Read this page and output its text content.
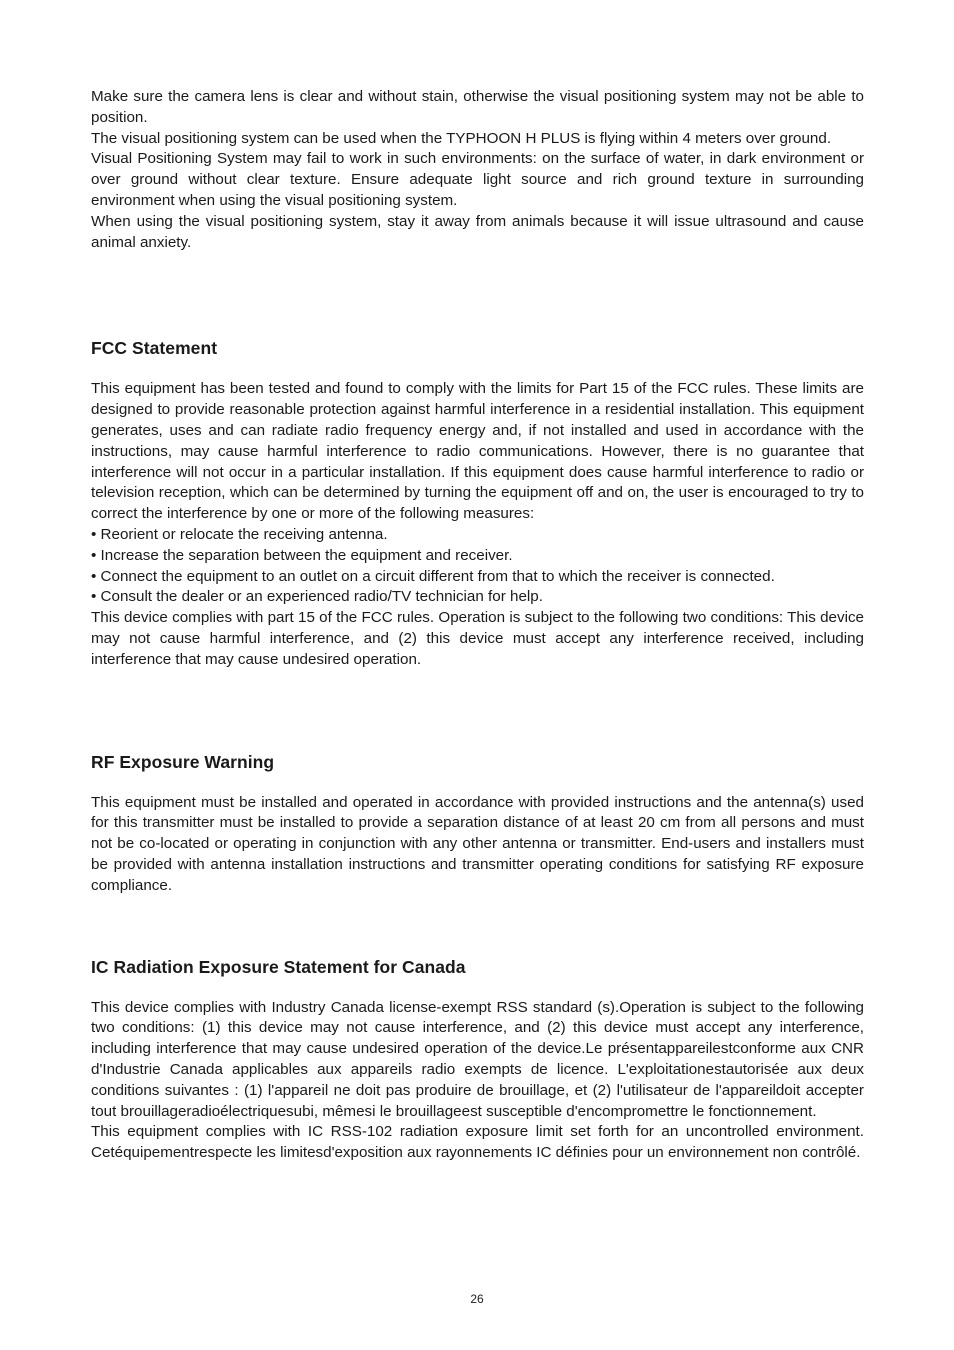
Make sure the camera lens is clear and without stain, otherwise the visual positioning system may not be able to position.

The visual positioning system can be used when the TYPHOON H PLUS is flying within 4 meters over ground.

Visual Positioning System may fail to work in such environments: on the surface of water, in dark environment or over ground without clear texture. Ensure adequate light source and rich ground texture in surrounding environment when using the visual positioning system.

When using the visual positioning system, stay it away from animals because it will issue ultrasound and cause animal anxiety.

FCC Statement

This equipment has been tested and found to comply with the limits for Part 15 of the FCC rules. These limits are designed to provide reasonable protection against harmful interference in a residential installation. This equipment generates, uses and can radiate radio frequency energy and, if not installed and used in accordance with the instructions, may cause harmful interference to radio communications. However, there is no guarantee that interference will not occur in a particular installation. If this equipment does cause harmful interference to radio or television reception, which can be determined by turning the equipment off and on, the user is encouraged to try to correct the interference by one or more of the following measures:

• Reorient or relocate the receiving antenna.

• Increase the separation between the equipment and receiver.

• Connect the equipment to an outlet on a circuit different from that to which the receiver is connected.

• Consult the dealer or an experienced radio/TV technician for help.

This device complies with part 15 of the FCC rules. Operation is subject to the following two conditions: This device may not cause harmful interference, and (2) this device must accept any interference received, including interference that may cause undesired operation.

RF Exposure Warning

This equipment must be installed and operated in accordance with provided instructions and the antenna(s) used for this transmitter must be installed to provide a separation distance of at least 20 cm from all persons and must not be co-located or operating in conjunction with any other antenna or transmitter. End-users and installers must be provided with antenna installation instructions and transmitter operating conditions for satisfying RF exposure compliance.

IC Radiation Exposure Statement for Canada

This device complies with Industry Canada license-exempt RSS standard (s).Operation is subject to the following two conditions: (1) this device may not cause interference, and (2) this device must accept any interference, including interference that may cause undesired operation of the device.Le présentappareilestconforme aux CNR d'Industrie Canada applicables aux appareils radio exempts de licence. L'exploitationestautorisée aux deux conditions suivantes : (1) l'appareil ne doit pas produire de brouillage, et (2) l'utilisateur de l'appareildoit accepter tout brouillageradioélectriquesubi, mêmesi le brouillageest susceptible d'encompromettre le fonctionnement.

This equipment complies with IC RSS-102 radiation exposure limit set forth for an uncontrolled environment. Cetéquipementrespecte les limitesd'exposition aux rayonnements IC définies pour un environnement non contrôlé.

26
